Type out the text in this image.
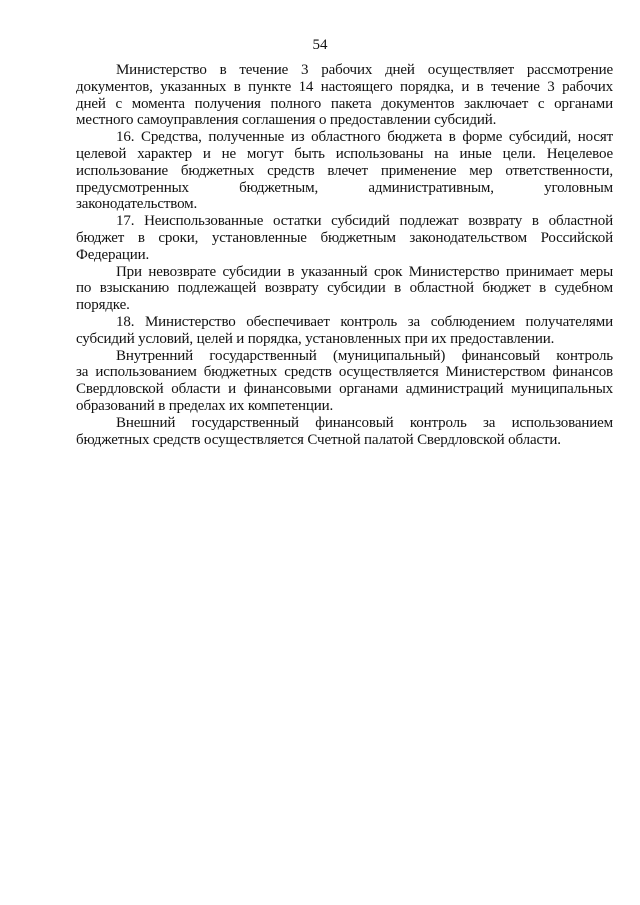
54

Министерство в течение 3 рабочих дней осуществляет рассмотрение
документов, указанных в пункте 14 настоящего порядка, и в течение 3 рабочих
дней с момента получения полного пакета документов заключает с органами
местного самоуправления соглашения о предоставлении субсидий.

16. Средства, полученные из областного бюджета в форме субсидий, носят
целевой характер и не могут быть использованы на иные цели. Нецелевое
использование бюджетных средств влечет применение мер ответственности,
предусмотренных бюджетным, административным, уголовным
законодательством.

17. Неиспользованные остатки субсидий подлежат возврату в областной
бюджет в сроки, установленные бюджетным законодательством Российской
Федерации.

При невозврате субсидии в указанный срок Министерство принимает меры
по взысканию подлежащей возврату субсидии в областной бюджет в судебном
порядке.

18. Министерство обеспечивает контроль за соблюдением получателями
субсидий условий, целей и порядка, установленных при их предоставлении.

Внутренний государственный (муниципальный) финансовый контроль
за использованием бюджетных средств осуществляется Министерством финансов
Свердловской области и финансовыми органами администраций муниципальных
образований в пределах их компетенции.

Внешний государственный финансовый контроль за использованием
бюджетных средств осуществляется Счетной палатой Свердловской области.
